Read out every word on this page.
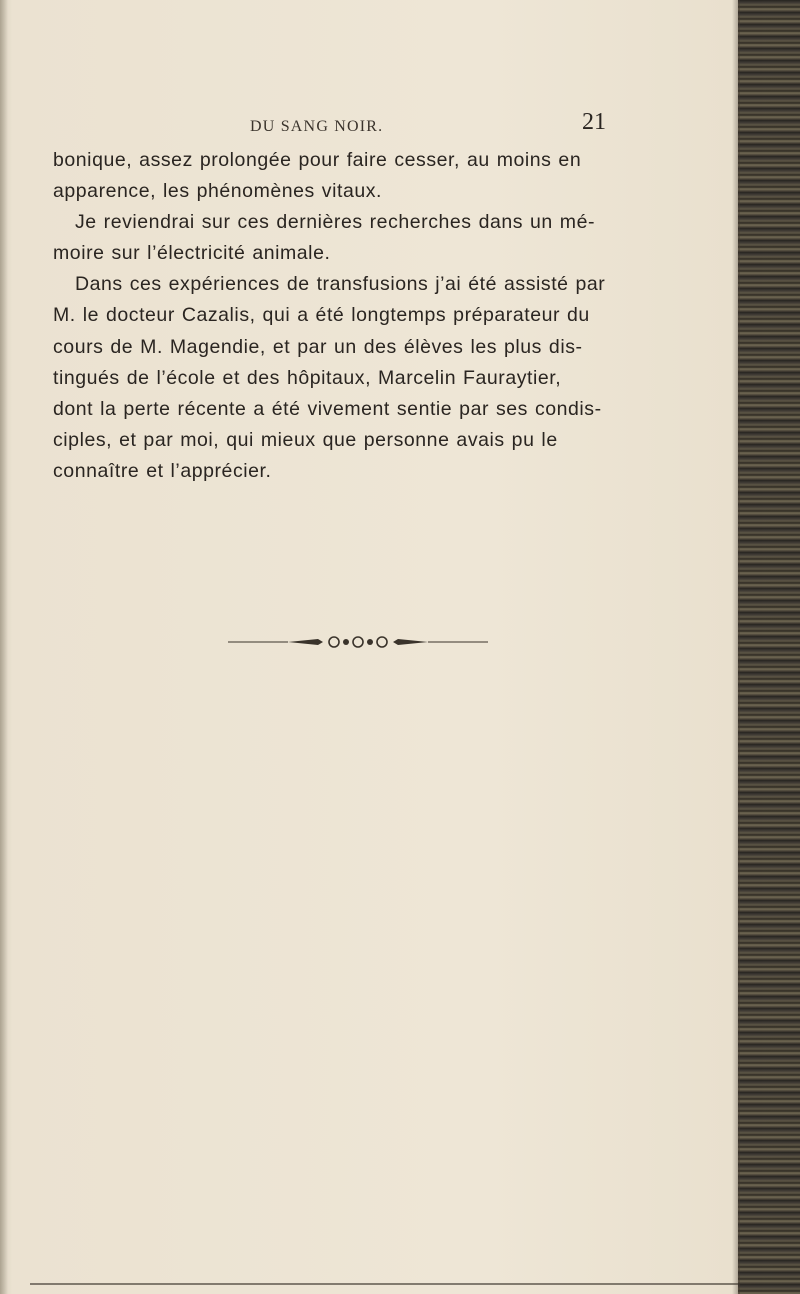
DU SANG NOIR.	21
bonique, assez prolongée pour faire cesser, au moins en
apparence, les phénomènes vitaux.
Je reviendrai sur ces dernières recherches dans un mé-
moire sur l’électricité animale.
Dans ces expériences de transfusions j’ai été assisté par
M. le docteur Cazalis, qui a été longtemps préparateur du
cours de M. Magendie, et par un des élèves les plus dis-
tingués de l’école et des hôpitaux, Marcelin Fauraytier,
dont la perte récente a été vivement sentie par ses condis-
ciples, et par moi, qui mieux que personne avais pu le
connaître et l’apprécier.
